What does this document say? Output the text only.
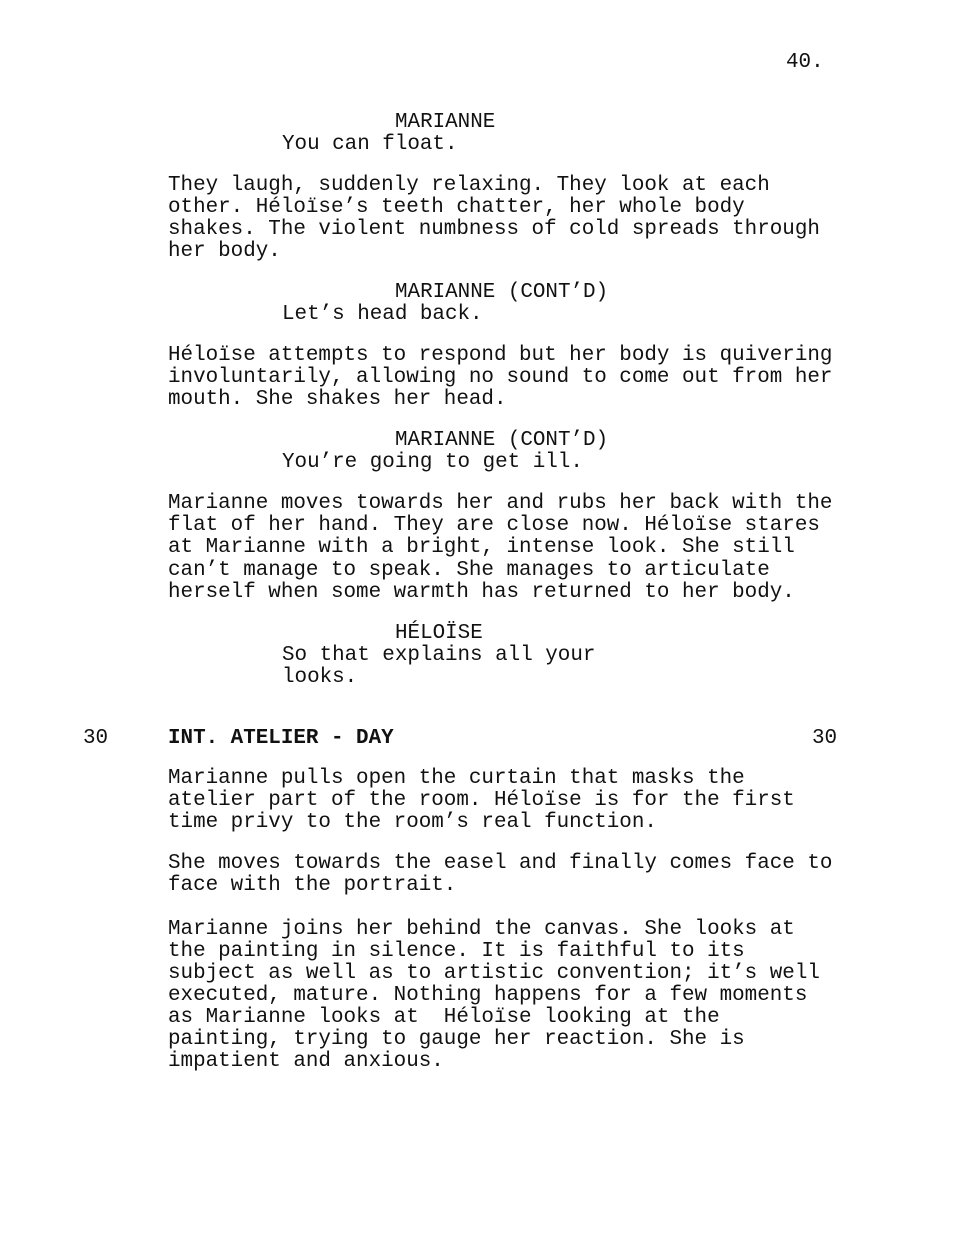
40.
MARIANNE
You can float.
They laugh, suddenly relaxing. They look at each
other. Héloïse’s teeth chatter, her whole body
shakes. The violent numbness of cold spreads through
her body.
MARIANNE (CONT’D)
Let’s head back.
Héloïse attempts to respond but her body is quivering
involuntarily, allowing no sound to come out from her
mouth. She shakes her head.
MARIANNE (CONT’D)
You’re going to get ill.
Marianne moves towards her and rubs her back with the
flat of her hand. They are close now. Héloïse stares
at Marianne with a bright, intense look. She still
can’t manage to speak. She manages to articulate
herself when some warmth has returned to her body.
HÉLOÏSE
So that explains all your
looks.
30	INT. ATELIER - DAY	30
Marianne pulls open the curtain that masks the
atelier part of the room. Héloïse is for the first
time privy to the room’s real function.
She moves towards the easel and finally comes face to
face with the portrait.
Marianne joins her behind the canvas. She looks at
the painting in silence. It is faithful to its
subject as well as to artistic convention; it’s well
executed, mature. Nothing happens for a few moments
as Marianne looks at  Héloïse looking at the
painting, trying to gauge her reaction. She is
impatient and anxious.
